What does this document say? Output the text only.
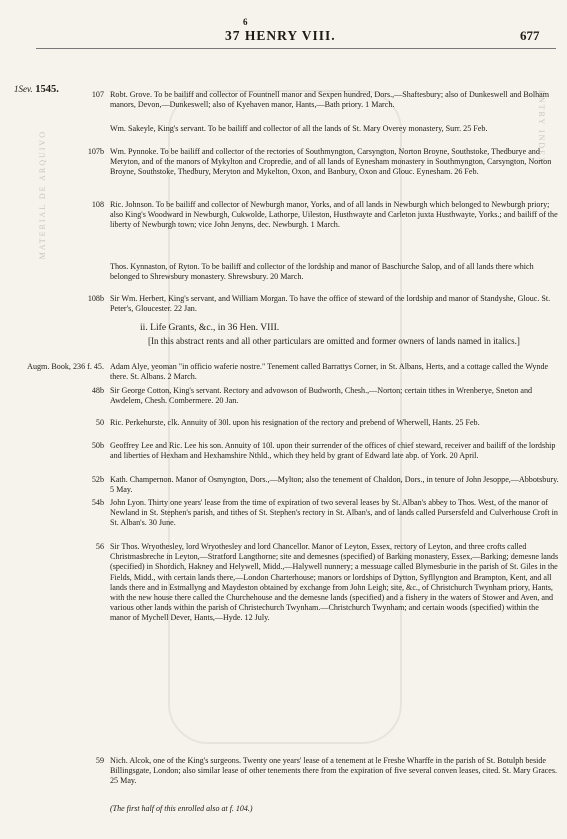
MATERIAL DE ARQUIVO
ENTRY INDEX
6
37 HENRY VIII.	677
1Sev. 1545.	107 Robt. Grove. To be bailiff and collector of Fountnell manor and Sexpen hundred, Dors.,—Shaftesbury; also of Dunkeswell and Bolham manors, Devon,—Dunkeswell; also of Kyehaven manor, Hants,—Bath priory. 1 March.
Wm. Sakeyle, King's servant. To be bailiff and collector of all the lands of St. Mary Overey monastery, Surr. 25 Feb.
107b Wm. Pynnoke. To be bailiff and collector of the rectories of Southmyngton, Carsyngton, Norton Broyne, Southstoke, Thedburye and Meryton, and of the manors of Mykylton and Cropredie, and of all lands of Eynesham monastery in Southmyngton, Carsyngton, Norton Broyne, Southstoke, Thedbury, Meryton and Mykelton, Oxon, and Banbury, Oxon and Glouc. Eynesham. 26 Feb.
108 Ric. Johnson. To be bailiff and collector of Newburgh manor, Yorks, and of all lands in Newburgh which belonged to Newburgh priory; also King's Woodward in Newburgh, Cukwolde, Lathorpe, Uileston, Husthwayte and Carleton juxta Husthwayte, Yorks.; and bailiff of the liberty of Newburgh town; vice John Jenyns, dec. Newburgh. 1 March.
Thos. Kynnaston, of Ryton. To be bailiff and collector of the lordship and manor of Baschurche Salop, and of all lands there which belonged to Shrewsbury monastery. Shrewsbury. 20 March.
108b Sir Wm. Herbert, King's servant, and William Morgan. To have the office of steward of the lordship and manor of Standyshe, Glouc. St. Peter's, Gloucester. 22 Jan.
ii. Life Grants, &c., in 36 Hen. VIII.
[In this abstract rents and all other particulars are omitted and former owners of lands named in italics.]
Augm. Book, 236 f. 45. Adam Alye, yeoman "in officio waferie nostre." Tenement called Barrattys Corner, in St. Albans, Herts, and a cottage called the Wynde there. St. Albans. 2 March.
48b Sir George Cotton, King's servant. Rectory and advowson of Budworth, Chesh.,—Norton; certain tithes in Wrenberye, Sneton and Awdelem, Chesh. Combermere. 20 Jan.
50 Ric. Perkehurste, clk. Annuity of 30l. upon his resignation of the rectory and prebend of Wherwell, Hants. 25 Feb.
50b Geoffrey Lee and Ric. Lee his son. Annuity of 10l. upon their surrender of the offices of chief steward, receiver and bailiff of the lordship and liberties of Hexham and Hexhamshire Nthld., which they held by grant of Edward late abp. of York. 20 April.
52b Kath. Champernon. Manor of Osmyngton, Dors.,—Mylton; also the tenement of Chaldon, Dors., in tenure of John Jesoppe,—Abbotsbury. 5 May.
54b John Lyon. Thirty one years' lease from the time of expiration of two several leases by St. Alban's abbey to Thos. West, of the manor of Newland in St. Stephen's parish, and tithes of St. Stephen's rectory in St. Alban's, and of lands called Pursersfeld and Culverhouse Croft in St. Alban's. 30 June.
56 Sir Thos. Wryothesley, lord Wryothesley and lord Chancellor. Manor of Leyton, Essex, rectory of Leyton, and three crofts called Christmasbreche in Leyton,—Stratford Langthorne; site and demesnes (specified) of Barking monastery, Essex,—Barking; demesne lands (specified) in Shordich, Hakney and Helywell, Midd.,—Halywell nunnery; a messuage called Blymesburie in the parish of St. Giles in the Fields, Midd., with certain lands there,—London Charterhouse; manors or lordships of Dytton, Syfllyngton and Brampton, Kent, and all lands there and in Estmallyng and Maydeston obtained by exchange from John Leigh; site, &c., of Christchurch Twynham priory, Hants, with the new house there called the Churchehouse and the demesne lands (specified) and a fishery in the waters of Stower and Aven, and various other lands within the parish of Christechurch Twynham.—Christchurch Twynham; and certain woods (specified) within the manor of Mychell Dever, Hants,—Hyde. 12 July.
59 Nich. Alcok, one of the King's surgeons. Twenty one years' lease of a tenement at le Freshe Wharffe in the parish of St. Botulph beside Billingsgate, London; also similar lease of other tenements there from the expiration of five several conven leases, cited. St. Mary Graces. 25 May.
(The first half of this enrolled also at f. 104.)
